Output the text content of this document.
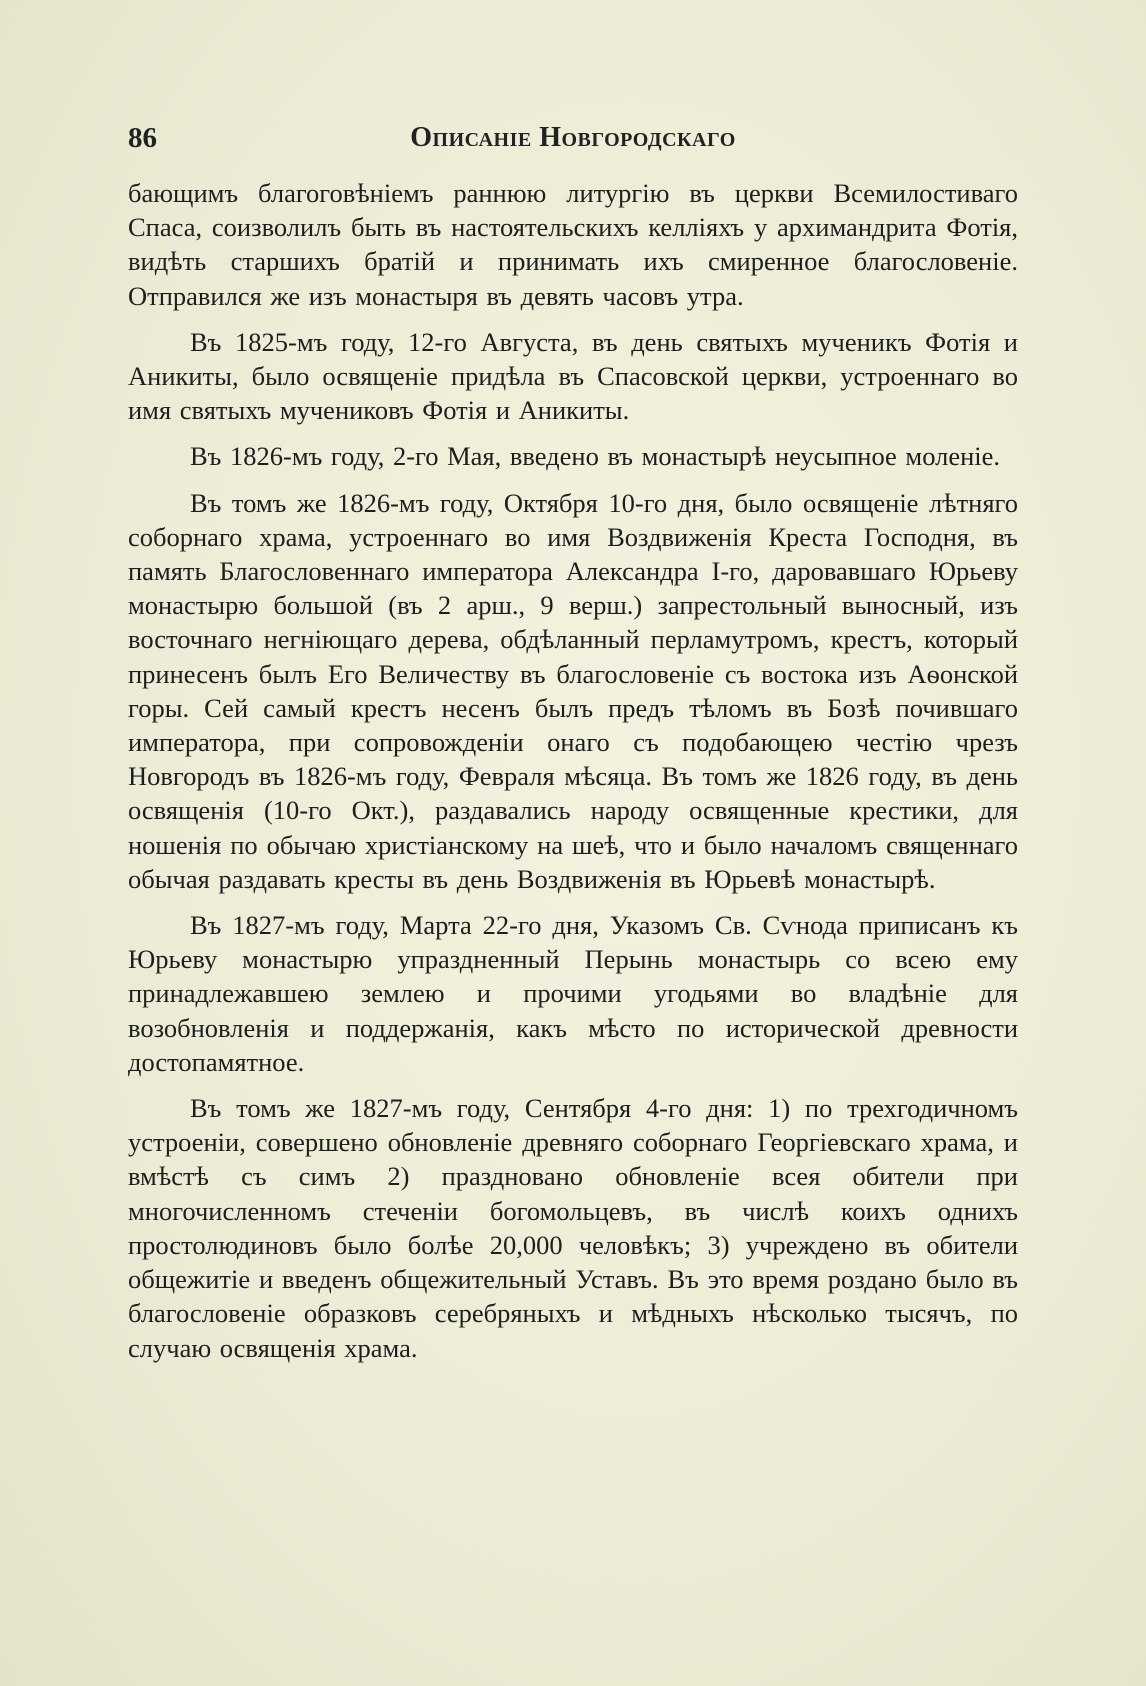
86	Описаніе Новгородскаго

бающимъ благоговѣніемъ раннюю литургію въ церкви Всемилостиваго Спаса, соизволилъ быть въ настоятельскихъ келліяхъ у архимандрита Фотія, видѣть старшихъ братій и принимать ихъ смиренное благословеніе. Отправился же изъ монастыря въ девять часовъ утра.

Въ 1825-мъ году, 12-го Августа, въ день святыхъ мученикъ Фотія и Аникиты, было освященіе придѣла въ Спасовской церкви, устроеннаго во имя святыхъ мучениковъ Фотія и Аникиты.

Въ 1826-мъ году, 2-го Мая, введено въ монастырѣ неусыпное моленіе.

Въ томъ же 1826-мъ году, Октября 10-го дня, было освященіе лѣтняго соборнаго храма, устроеннаго во имя Воздвиженія Креста Господня, въ память Благословеннаго императора Александра I-го, даровавшаго Юрьеву монастырю большой (въ 2 арш., 9 верш.) запрестольный выносный, изъ восточнаго негніющаго дерева, обдѣланный перламутромъ, крестъ, который принесенъ былъ Его Величеству въ благословеніе съ востока изъ Аѳонской горы. Сей самый крестъ несенъ былъ предъ тѣломъ въ Бозѣ почившаго императора, при сопровожденіи онаго съ подобающею честію чрезъ Новгородъ въ 1826-мъ году, Февраля мѣсяца. Въ томъ же 1826 году, въ день освященія (10-го Окт.), раздавались народу освященные крестики, для ношенія по обычаю христіанскому на шеѣ, что и было началомъ священнаго обычая раздавать кресты въ день Воздвиженія въ Юрьевѣ монастырѣ.

Въ 1827-мъ году, Марта 22-го дня, Указомъ Св. Сѵнода приписанъ къ Юрьеву монастырю упраздненный Перынь монастырь со всею ему принадлежавшею землею и прочими угодьями во владѣніе для возобновленія и поддержанія, какъ мѣсто по исторической древности достопамятное.

Въ томъ же 1827-мъ году, Сентября 4-го дня: 1) по трехгодичномъ устроеніи, совершено обновленіе древняго соборнаго Георгіевскаго храма, и вмѣстѣ съ симъ 2) праздновано обновленіе всея обители при многочисленномъ стеченіи богомольцевъ, въ числѣ коихъ однихъ простолюдиновъ было болѣе 20,000 человѣкъ; 3) учреждено въ обители общежитіе и введенъ общежительный Уставъ. Въ это время роздано было въ благословеніе образковъ серебряныхъ и мѣдныхъ нѣсколько тысячъ, по случаю освященія храма.
